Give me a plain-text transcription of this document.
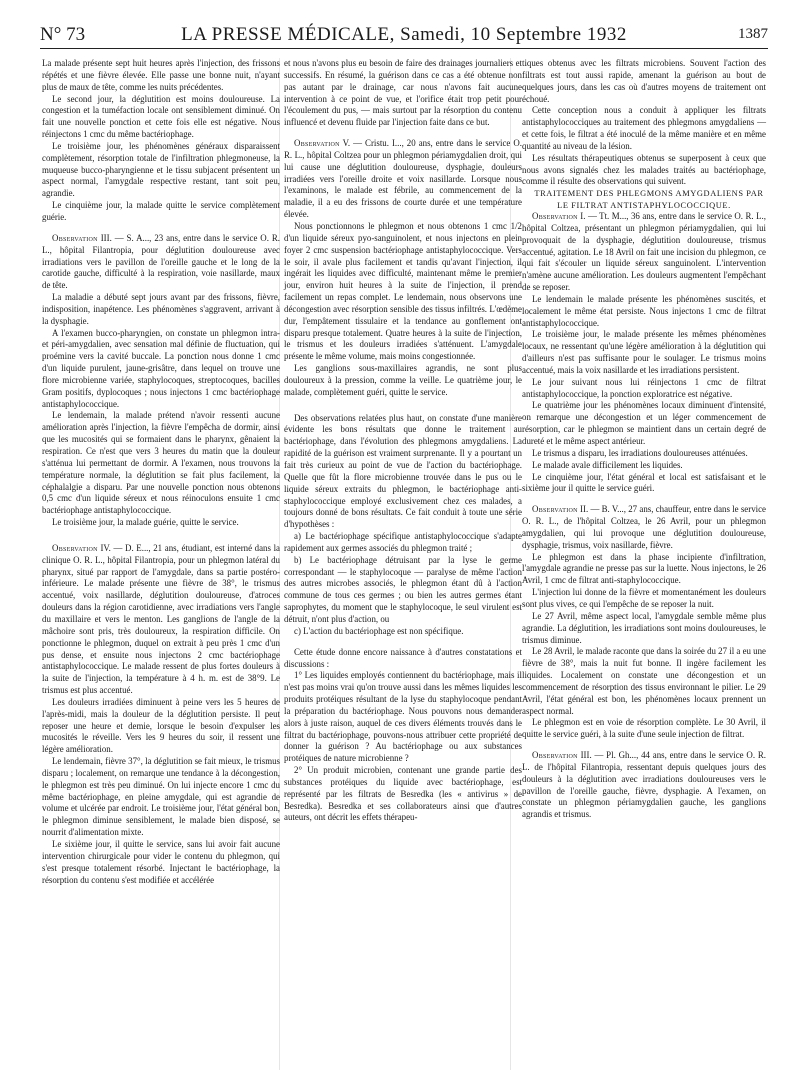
N° 73	LA PRESSE MÉDICALE, Samedi, 10 Septembre 1932	1387

La malade présente sept huit heures après l'injection, des frissons répétés et une fièvre élevée. Elle passe une bonne nuit, n'ayant plus de maux de tête, comme les nuits précédentes.

Le second jour, la déglutition est moins douloureuse. La congestion et la tuméfaction locale ont sensiblement diminué. On fait une nouvelle ponction et cette fois elle est négative. Nous réinjectons 1 cmc du même bactériophage.

Le troisième jour, les phénomènes généraux disparaissent complètement, résorption totale de l'infiltration phlegmoneuse, la muqueuse bucco-pharyngienne et le tissu subjacent présentent un aspect normal, l'amygdale respective restant, tant soit peu, agrandie.

Le cinquième jour, la malade quitte le service complètement guérie.

Observation III. — S. A..., 23 ans, entre dans le service O. R. L., hôpital Filantropia, pour déglutition douloureuse avec irradiations vers le pavillon de l'oreille gauche et le long de la carotide gauche, difficulté à la respiration, voie nasillarde, maux de tête.

La maladie a débuté sept jours avant par des frissons, fièvre, indisposition, inapétence. Les phénomènes s'aggravent, arrivant à la dysphagie.

A l'examen bucco-pharyngien, on constate un phlegmon intra- et péri-amygdalien, avec sensation mal définie de fluctuation, qui proémine vers la cavité buccale. La ponction nous donne 1 cmc d'un liquide purulent, jaune-grisâtre, dans lequel on trouve une flore microbienne variée, staphylocoques, streptocoques, bacilles Gram positifs, dyplocoques ; nous injectons 1 cmc bactériophage antistaphylococcique.

Le lendemain, la malade prétend n'avoir ressenti aucune amélioration après l'injection, la fièvre l'empêcha de dormir, ainsi que les mucosités qui se formaient dans le pharynx, gênaient la respiration. Ce n'est que vers 3 heures du matin que la douleur s'atténua lui permettant de dormir. A l'examen, nous trouvons la température normale, la déglutition se fait plus facilement, la céphalalgie a disparu. Par une nouvelle ponction nous obtenons 0,5 cmc d'un liquide séreux et nous réinoculons ensuite 1 cmc bactériophage antistaphylococcique.

Le troisième jour, la malade guérie, quitte le service.

Observation IV. — D. E..., 21 ans, étudiant, est interné dans la clinique O. R. L., hôpital Filantropia, pour un phlegmon latéral du pharynx, situé par rapport de l'amygdale, dans sa partie postéro-inférieure. Le malade présente une fièvre de 38°, le trismus accentué, voix nasillarde, déglutition douloureuse, d'atroces douleurs dans la région carotidienne, avec irradiations vers l'angle du maxillaire et vers le menton. Les ganglions de l'angle de la mâchoire sont pris, très douloureux, la respiration difficile. On ponctionne le phlegmon, duquel on extrait à peu près 1 cmc d'un pus dense, et ensuite nous injectons 2 cmc bactériophage antistaphylococcique. Le malade ressent de plus fortes douleurs à la suite de l'injection, la température à 4 h. m. est de 38°9. Le trismus est plus accentué.

Les douleurs irradiées diminuent à peine vers les 5 heures de l'après-midi, mais la douleur de la déglutition persiste. Il peut reposer une heure et demie, lorsque le besoin d'expulser les mucosités le réveille. Vers les 9 heures du soir, il ressent une légère amélioration.

Le lendemain, fièvre 37°, la déglutition se fait mieux, le trismus disparu ; localement, on remarque une tendance à la décongestion, le phlegmon est très peu diminué. On lui injecte encore 1 cmc du même bactériophage, en pleine amygdale, qui est agrandie de volume et ulcérée par endroit. Le troisième jour, l'état général bon, le phlegmon diminue sensiblement, le malade bien disposé, se nourrit d'alimentation mixte.

Le sixième jour, il quitte le service, sans lui avoir fait aucune intervention chirurgicale pour vider le contenu du phlegmon, qui s'est presque totalement résorbé. Injectant le bactériophage, la résorption du contenu s'est modifiée et accélérée

et nous n'avons plus eu besoin de faire des drainages journaliers et successifs. En résumé, la guérison dans ce cas a été obtenue non pas autant par le drainage, car nous n'avons fait aucune intervention à ce point de vue, et l'orifice était trop petit pour l'écoulement du pus, — mais surtout par la résorption du contenu influencé et devenu fluide par l'injection faite dans ce but.

Observation V. — Cristu. I..., 20 ans, entre dans le service O. R. L., hôpital Coltzea pour un phlegmon périamygdalien droit, qui lui cause une déglutition douloureuse, dysphagie, douleurs irradiées vers l'oreille droite et voix nasillarde. Lorsque nous l'examinons, le malade est fébrile, au commencement de la maladie, il a eu des frissons de courte durée et une température élevée.

Nous ponctionnons le phlegmon et nous obtenons 1 cmc 1/2 d'un liquide séreux pyo-sanguinolent, et nous injectons en plein foyer 2 cmc suspension bactériophage antistaphylococcique. Vers le soir, il avale plus facilement et tandis qu'avant l'injection, il ingérait les liquides avec difficulté, maintenant même le premier jour, environ huit heures à la suite de l'injection, il prend facilement un repas complet. Le lendemain, nous observons une décongestion avec résorption sensible des tissus infiltrés. L'œdème dur, l'empâtement tissulaire et la tendance au gonflement ont disparu presque totalement. Quatre heures à la suite de l'injection, le trismus et les douleurs irradiées s'atténuent. L'amygdale présente le même volume, mais moins congestionnée.

Les ganglions sous-maxillaires agrandis, ne sont plus douloureux à la pression, comme la veille. Le quatrième jour, le malade, complètement guéri, quitte le service.

Des observations relatées plus haut, on constate d'une manière évidente les bons résultats que donne le traitement au bactériophage, dans l'évolution des phlegmons amygdaliens. La rapidité de la guérison est vraiment surprenante. Il y a pourtant un fait très curieux au point de vue de l'action du bactériophage. Quelle que fût la flore microbienne trouvée dans le pus ou le liquide séreux extraits du phlegmon, le bactériophage anti-staphylococcique employé exclusivement chez ces malades, a toujours donné de bons résultats. Ce fait conduit à toute une série d'hypothèses :

a) Le bactériophage spécifique antistaphylococcique s'adapte rapidement aux germes associés du phlegmon traité ;

b) Le bactériophage détruisant par la lyse le germe correspondant — le staphylocoque — paralyse de même l'action des autres microbes associés, le phlegmon étant dû à l'action commune de tous ces germes ; ou bien les autres germes étant saprophytes, du moment que le staphylocoque, le seul virulent est détruit, n'ont plus d'action, ou

c) L'action du bactériophage est non spécifique.

Cette étude donne encore naissance à d'autres constatations et discussions :

1° Les liquides employés contiennent du bactériophage, mais il n'est pas moins vrai qu'on trouve aussi dans les mêmes liquides les produits protéiques résultant de la lyse du staphylocoque pendant la préparation du bactériophage. Nous pouvons nous demander alors à juste raison, auquel de ces divers éléments trouvés dans le filtrat du bactériophage, pouvons-nous attribuer cette propriété de donner la guérison ? Au bactériophage ou aux substances protéiques de nature microbienne ?

2° Un produit microbien, contenant une grande partie des substances protéiques du liquide avec bactériophage, est représenté par les filtrats de Besredka (les « antivirus » de Besredka). Besredka et ses collaborateurs ainsi que d'autres auteurs, ont décrit les effets thérapeu-

tiques obtenus avec les filtrats microbiens. Souvent l'action des filtrats est tout aussi rapide, amenant la guérison au bout de quelques jours, dans les cas où d'autres moyens de traitement ont échoué.

Cette conception nous a conduit à appliquer les filtrats antistaphylococciques au traitement des phlegmons amygdaliens — et cette fois, le filtrat a été inoculé de la même manière et en même quantité au niveau de la lésion.

Les résultats thérapeutiques obtenus se superposent à ceux que nous avons signalés chez les malades traités au bactériophage, comme il résulte des observations qui suivent.

TRAITEMENT DES PHLEGMONS AMYGDALIENS PAR LE FILTRAT ANTISTAPHYLOCOCCIQUE.

Observation I. — Tt. M..., 36 ans, entre dans le service O. R. L., hôpital Coltzea, présentant un phlegmon périamygdalien, qui lui provoquait de la dysphagie, déglutition douloureuse, trismus accentué, agitation. Le 18 Avril on fait une incision du phlegmon, ce qui fait s'écouler un liquide séreux sanguinolent. L'intervention n'amène aucune amélioration. Les douleurs augmentent l'empêchant de se reposer.

Le lendemain le malade présente les phénomènes suscités, et localement le même état persiste. Nous injectons 1 cmc de filtrat antistaphylococcique.

Le troisième jour, le malade présente les mêmes phénomènes locaux, ne ressentant qu'une légère amélioration à la déglutition qui d'ailleurs n'est pas suffisante pour le soulager. Le trismus moins accentué, mais la voix nasillarde et les irradiations persistent.

Le jour suivant nous lui réinjectons 1 cmc de filtrat antistaphylococcique, la ponction exploratrice est négative.

Le quatrième jour les phénomènes locaux diminuent d'intensité, on remarque une décongestion et un léger commencement de résorption, car le phlegmon se maintient dans un certain degré de dureté et le même aspect antérieur.

Le trismus a disparu, les irradiations douloureuses atténuées.

Le malade avale difficilement les liquides.

Le cinquième jour, l'état général et local est satisfaisant et le sixième jour il quitte le service guéri.

Observation II. — B. V..., 27 ans, chauffeur, entre dans le service O. R. L., de l'hôpital Coltzea, le 26 Avril, pour un phlegmon amygdalien, qui lui provoque une déglutition douloureuse, dysphagie, trismus, voix nasillarde, fièvre.

Le phlegmon est dans la phase incipiente d'infiltration, l'amygdale agrandie ne presse pas sur la luette. Nous injectons, le 26 Avril, 1 cmc de filtrat anti-staphylococcique.

L'injection lui donne de la fièvre et momentanément les douleurs sont plus vives, ce qui l'empêche de se reposer la nuit.

Le 27 Avril, même aspect local, l'amygdale semble même plus agrandie. La déglutition, les irradiations sont moins douloureuses, le trismus diminue.

Le 28 Avril, le malade raconte que dans la soirée du 27 il a eu une fièvre de 38°, mais la nuit fut bonne. Il ingère facilement les liquides. Localement on constate une décongestion et un commencement de résorption des tissus environnant le pilier. Le 29 Avril, l'état général est bon, les phénomènes locaux prennent un aspect normal.

Le phlegmon est en voie de résorption complète. Le 30 Avril, il quitte le service guéri, à la suite d'une seule injection de filtrat.

Observation III. — Pl. Gh..., 44 ans, entre dans le service O. R. L. de l'hôpital Filantropia, ressentant depuis quelques jours des douleurs à la déglutition avec irradiations douloureuses vers le pavillon de l'oreille gauche, fièvre, dysphagie. A l'examen, on constate un phlegmon périamygdalien gauche, les ganglions agrandis et trismus.
